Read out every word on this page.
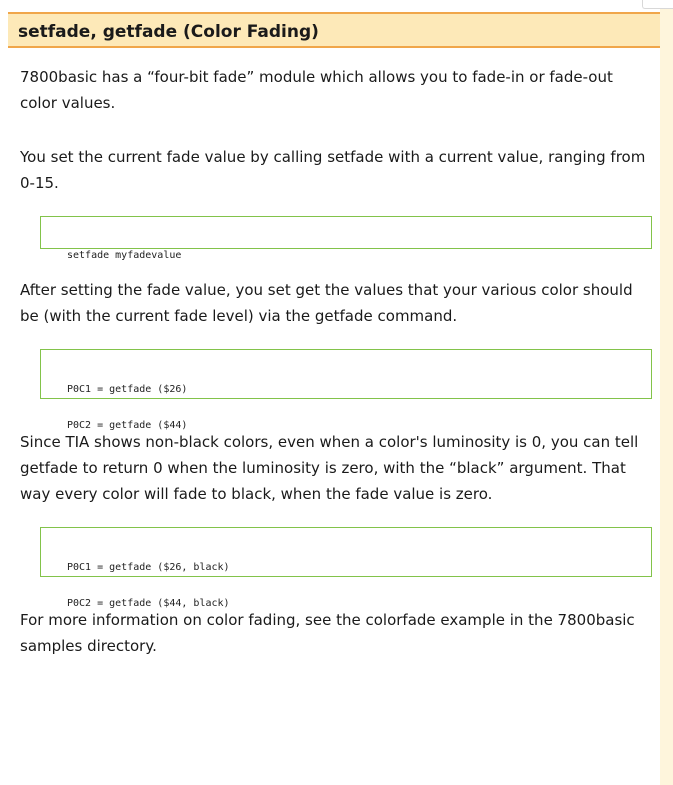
setfade, getfade (Color Fading)

7800basic has a “four-bit fade” module which allows you to fade-in or fade-out color values.

You set the current fade value by calling setfade with a current value, ranging from 0-15.

setfade myfadevalue

After setting the fade value, you set get the values that your various color should be (with the current fade level) via the getfade command.

P0C1 = getfade ($26)

P0C2 = getfade ($44)

Since TIA shows non-black colors, even when a color's luminosity is 0, you can tell getfade to return 0 when the luminosity is zero, with the “black” argument. That way every color will fade to black, when the fade value is zero.

P0C1 = getfade ($26, black)

P0C2 = getfade ($44, black)

For more information on color fading, see the colorfade example in the 7800basic samples directory.
